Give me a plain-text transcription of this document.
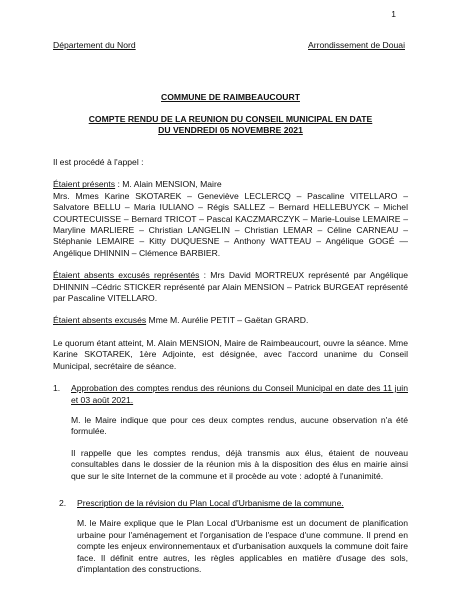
1
Département du Nord	Arrondissement de Douai
COMMUNE DE RAIMBEAUCOURT
COMPTE RENDU DE LA REUNION DU CONSEIL MUNICIPAL EN DATE
DU VENDREDI 05 NOVEMBRE 2021

Il est procédé à l'appel :

Étaient présents : M. Alain MENSION, Maire
Mrs. Mmes Karine SKOTAREK – Geneviève LECLERCQ – Pascaline VITELLARO – Salvatore BELLU – Maria IULIANO – Régis SALLEZ – Bernard HELLEBUYCK – Michel COURTECUISSE – Bernard TRICOT – Pascal KACZMARCZYK – Marie-Louise LEMAIRE – Maryline MARLIERE – Christian LANGELIN – Christian LEMAR – Céline CARNEAU – Stéphanie LEMAIRE – Kitty DUQUESNE – Anthony WATTEAU – Angélique GOGÉ — Angélique DHINNIN – Clémence BARBIER.

Étaient absents excusés représentés : Mrs David MORTREUX représenté par Angélique DHINNIN –Cédric STICKER représenté par Alain MENSION – Patrick BURGEAT représenté par Pascaline VITELLARO.

Étaient absents excusés Mme M. Aurélie PETIT – Gaëtan GRARD.

Le quorum étant atteint, M. Alain MENSION, Maire de Raimbeaucourt, ouvre la séance. Mme Karine SKOTAREK, 1ère Adjointe, est désignée, avec l'accord unanime du Conseil Municipal, secrétaire de séance.

1.	Approbation des comptes rendus des réunions du Conseil Municipal en date des 11 juin et 03 août 2021.

M. le Maire indique que pour ces deux comptes rendus, aucune observation n'a été formulée.

Il rappelle que les comptes rendus, déjà transmis aux élus, étaient de nouveau consultables dans le dossier de la réunion mis à la disposition des élus en mairie ainsi que sur le site Internet de la commune et il procède au vote : adopté à l'unanimité.

2.	Prescription de la révision du Plan Local d'Urbanisme de la commune.

M. le Maire explique que le Plan Local d'Urbanisme est un document de planification urbaine pour l'aménagement et l'organisation de l'espace d'une commune. Il prend en compte les enjeux environnementaux et d'urbanisation auxquels la commune doit faire face. Il définit entre autres, les règles applicables en matière d'usage des sols, d'implantation des constructions.
